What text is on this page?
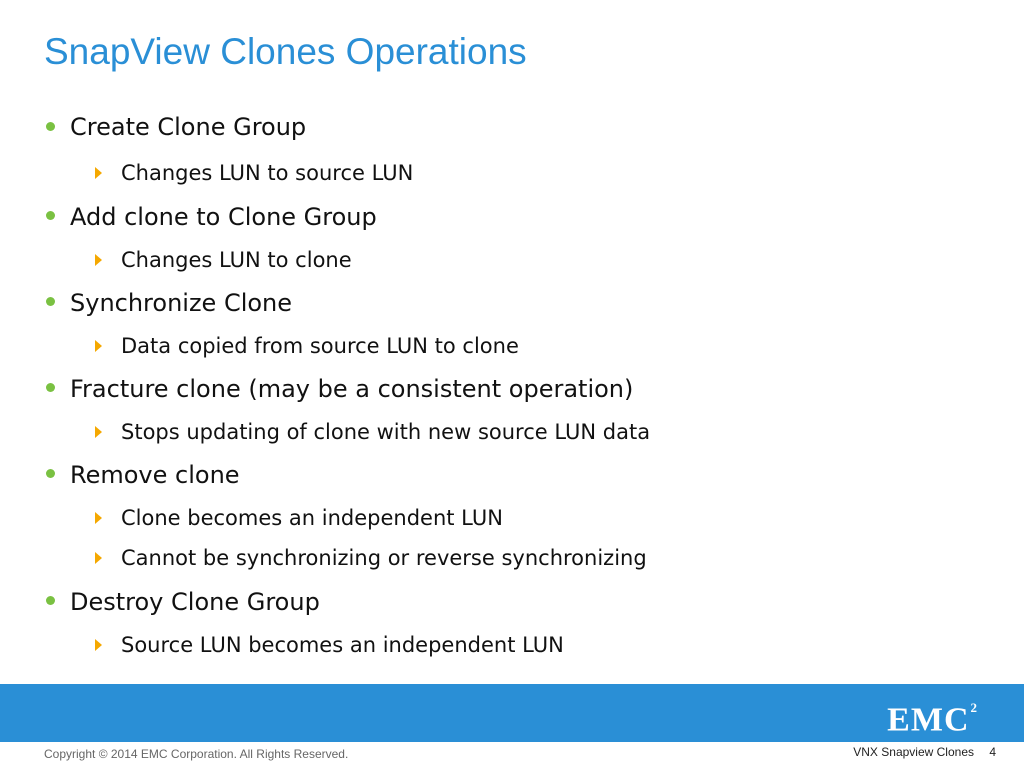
SnapView Clones Operations
Create Clone Group
Changes LUN to source LUN
Add clone to Clone Group
Changes LUN to clone
Synchronize Clone
Data copied from source LUN to clone
Fracture clone (may be a consistent operation)
Stops updating of clone with new source LUN data
Remove clone
Clone becomes an independent LUN
Cannot be synchronizing or reverse synchronizing
Destroy Clone Group
Source LUN becomes an independent LUN
EMC$^2$
Copyright © 2014 EMC Corporation. All Rights Reserved.	VNX Snapview Clones 4
